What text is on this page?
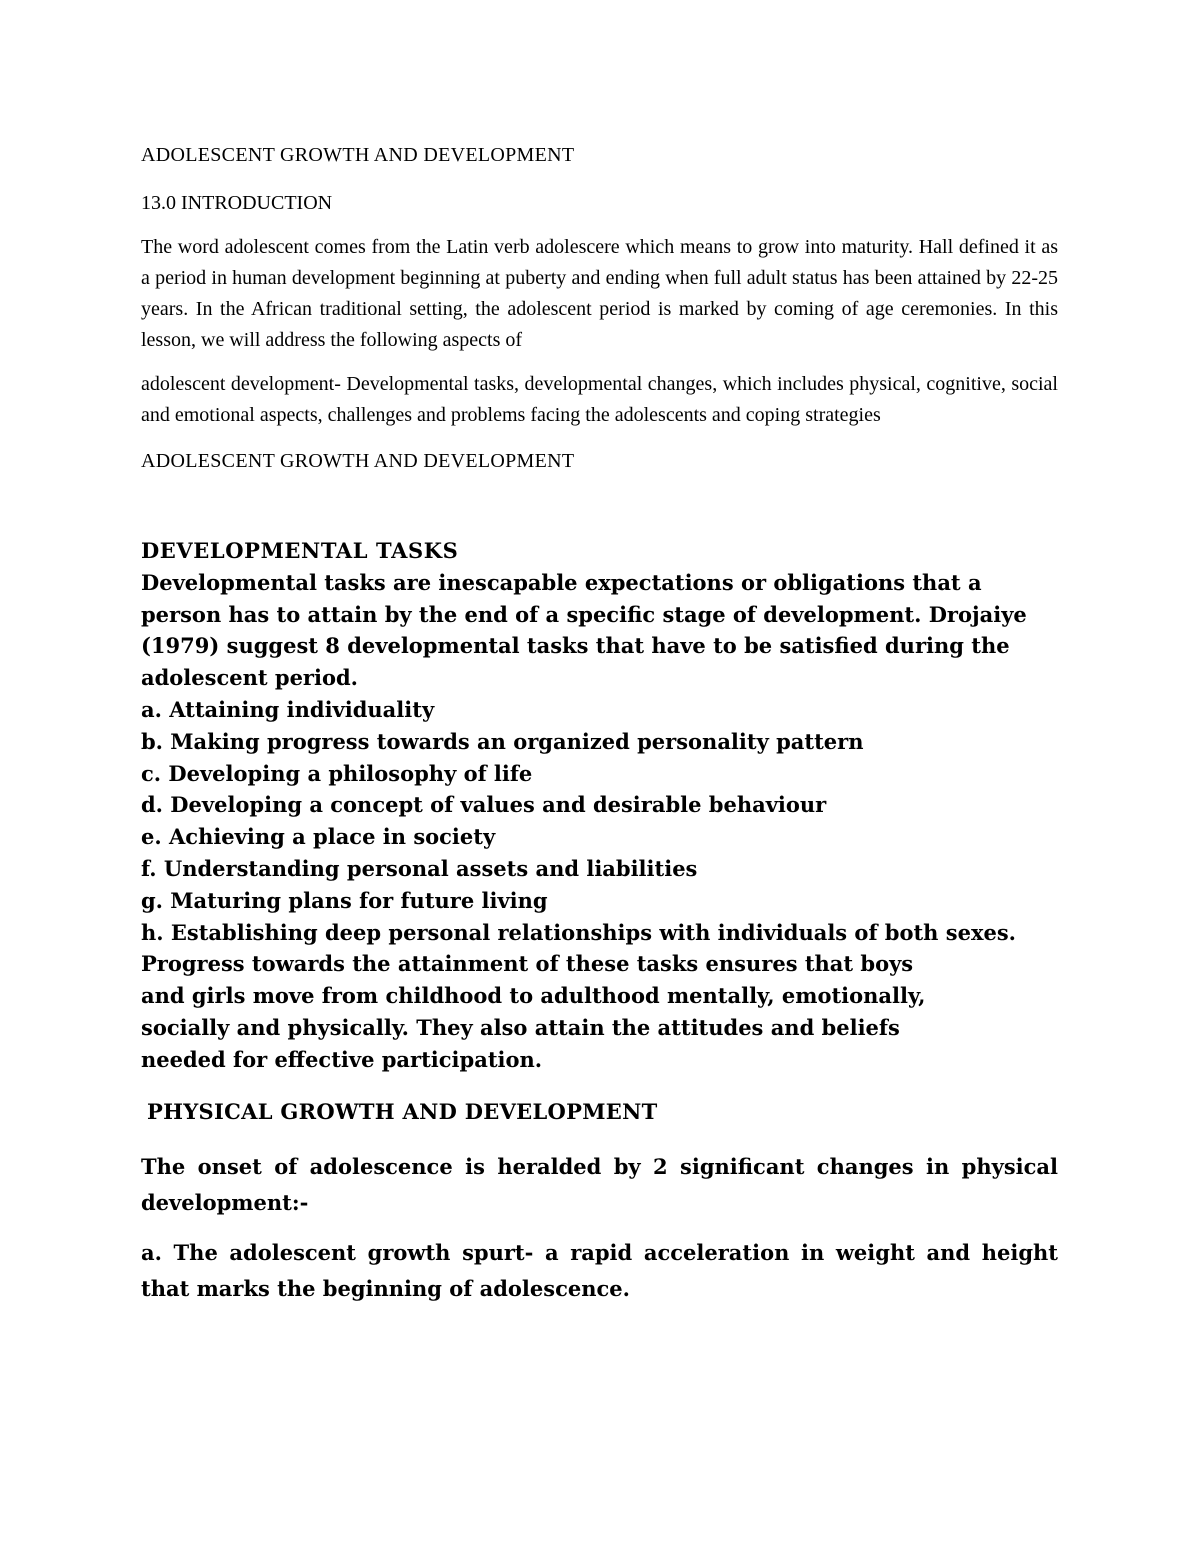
ADOLESCENT GROWTH AND DEVELOPMENT

13.0 INTRODUCTION

The word adolescent comes from the Latin verb adolescere which means to grow into maturity. Hall defined it as a period in human development beginning at puberty and ending when full adult status has been attained by 22-25 years. In the African traditional setting, the adolescent period is marked by coming of age ceremonies. In this lesson, we will address the following aspects of

adolescent development- Developmental tasks, developmental changes, which includes physical, cognitive, social and emotional aspects, challenges and problems facing the adolescents and coping strategies

ADOLESCENT GROWTH AND DEVELOPMENT

DEVELOPMENTAL TASKS

Developmental tasks are inescapable expectations or obligations that a person has to attain by the end of a specific stage of development. Drojaiye (1979) suggest 8 developmental tasks that have to be satisfied during the adolescent period.

a. Attaining individuality
b. Making progress towards an organized personality pattern
c. Developing a philosophy of life
d. Developing a concept of values and desirable behaviour
e. Achieving a place in society
f. Understanding personal assets and liabilities
g. Maturing plans for future living
h. Establishing deep personal relationships with individuals of both sexes.

Progress towards the attainment of these tasks ensures that boys and girls move from childhood to adulthood mentally, emotionally, socially and physically. They also attain the attitudes and beliefs needed for effective participation.

PHYSICAL GROWTH AND DEVELOPMENT

The onset of adolescence is heralded by 2 significant changes in physical development:-

a. The adolescent growth spurt- a rapid acceleration in weight and height that marks the beginning of adolescence.
